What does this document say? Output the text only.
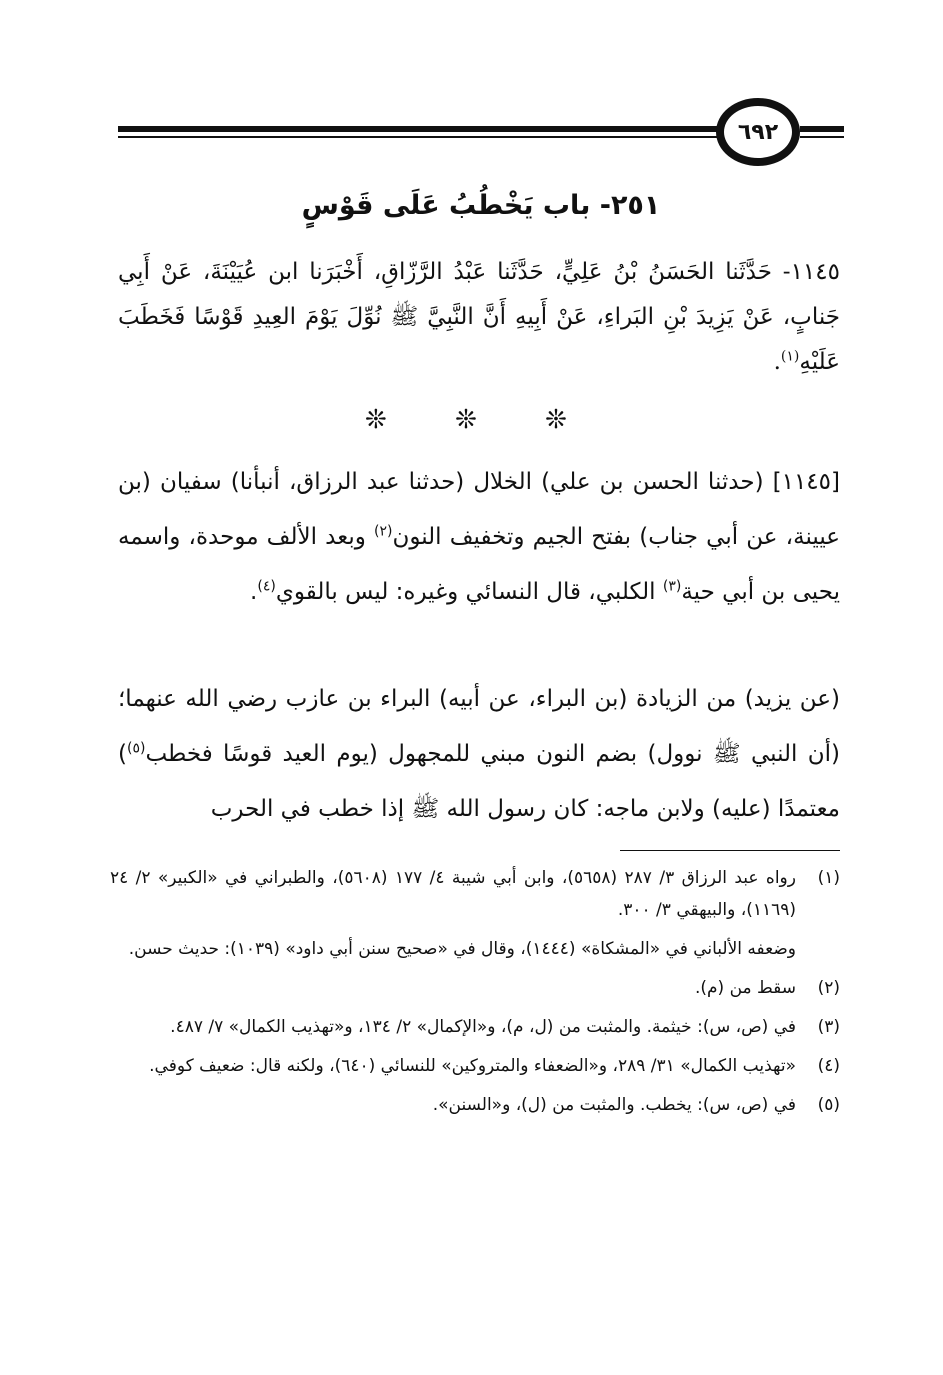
٦٩٢
٢٥١- باب يَخْطُبُ عَلَى قَوْسٍ
١١٤٥- حَدَّثَنا الحَسَنُ بْنُ عَلِيٍّ، حَدَّثَنا عَبْدُ الرَّزّاقِ، أَخْبَرَنا ابن عُيَيْنَةَ، عَنْ أَبِي جَنابٍ، عَنْ يَزِيدَ بْنِ البَراءِ، عَنْ أَبِيهِ أَنَّ النَّبِيَّ ﷺ نُوِّلَ يَوْمَ العِيدِ قَوْسًا فَخَطَبَ عَلَيْهِ$^{(١)}$.
❊ ❊ ❊
[١١٤٥] (حدثنا الحسن بن علي) الخلال (حدثنا عبد الرزاق، أنبأنا) سفيان (بن عيينة، عن أبي جناب) بفتح الجيم وتخفيف النون$^{(٢)}$ وبعد الألف موحدة، واسمه يحيى بن أبي حية$^{(٣)}$ الكلبي، قال النسائي وغيره: ليس بالقوي$^{(٤)}$.
(عن يزيد) من الزيادة (بن البراء، عن أبيه) البراء بن عازب رضي الله عنهما؛ (أن النبي ﷺ نوول) بضم النون مبني للمجهول (يوم العيد قوسًا فخطب$^{(٥)}$) معتمدًا (عليه) ولابن ماجه: كان رسول الله ﷺ إذا خطب في الحرب
(١)
رواه عبد الرزاق ٣/ ٢٨٧ (٥٦٥٨)، وابن أبي شيبة ٤/ ١٧٧ (٥٦٠٨)، والطبراني في «الكبير» ٢/ ٢٤ (١١٦٩)، والبيهقي ٣/ ٣٠٠.
وضعفه الألباني في «المشكاة» (١٤٤٤)، وقال في «صحيح سنن أبي داود» (١٠٣٩): حديث حسن.
(٢)
سقط من (م).
(٣)
في (ص، س): خيثمة. والمثبت من (ل، م)، و«الإكمال» ٢/ ١٣٤، و«تهذيب الكمال» ٧/ ٤٨٧.
(٤)
«تهذيب الكمال» ٣١/ ٢٨٩، و«الضعفاء والمتروكين» للنسائي (٦٤٠)، ولكنه قال: ضعيف كوفي.
(٥)
في (ص، س): يخطب. والمثبت من (ل)، و«السنن».
